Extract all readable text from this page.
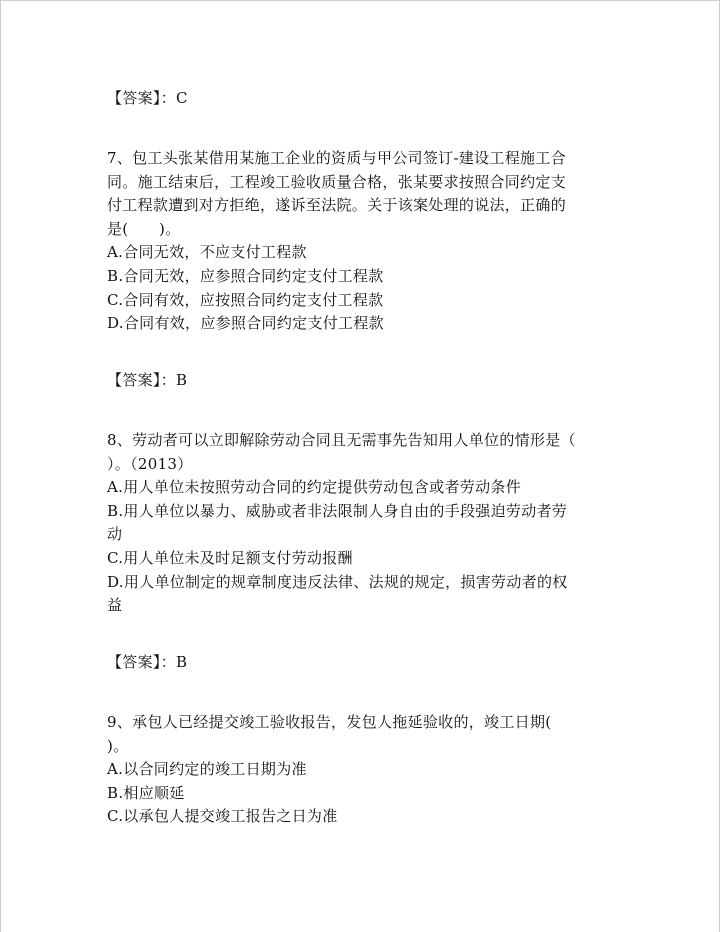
【答案】：C
7、包工头张某借用某施工企业的资质与甲公司签订-建设工程施工合
同。施工结束后，工程竣工验收质量合格，张某要求按照合同约定支
付工程款遭到对方拒绝，遂诉至法院。关于该案处理的说法，正确的
是(　　)。
A.合同无效，不应支付工程款
B.合同无效，应参照合同约定支付工程款
C.合同有效，应按照合同约定支付工程款
D.合同有效，应参照合同约定支付工程款
【答案】：B
8、劳动者可以立即解除劳动合同且无需事先告知用人单位的情形是（
）。（2013）
A.用人单位未按照劳动合同的约定提供劳动包含或者劳动条件
B.用人单位以暴力、威胁或者非法限制人身自由的手段强迫劳动者劳
动
C.用人单位未及时足额支付劳动报酬
D.用人单位制定的规章制度违反法律、法规的规定，损害劳动者的权
益
【答案】：B
9、承包人已经提交竣工验收报告，发包人拖延验收的，竣工日期(
)。
A.以合同约定的竣工日期为准
B.相应顺延
C.以承包人提交竣工报告之日为准
